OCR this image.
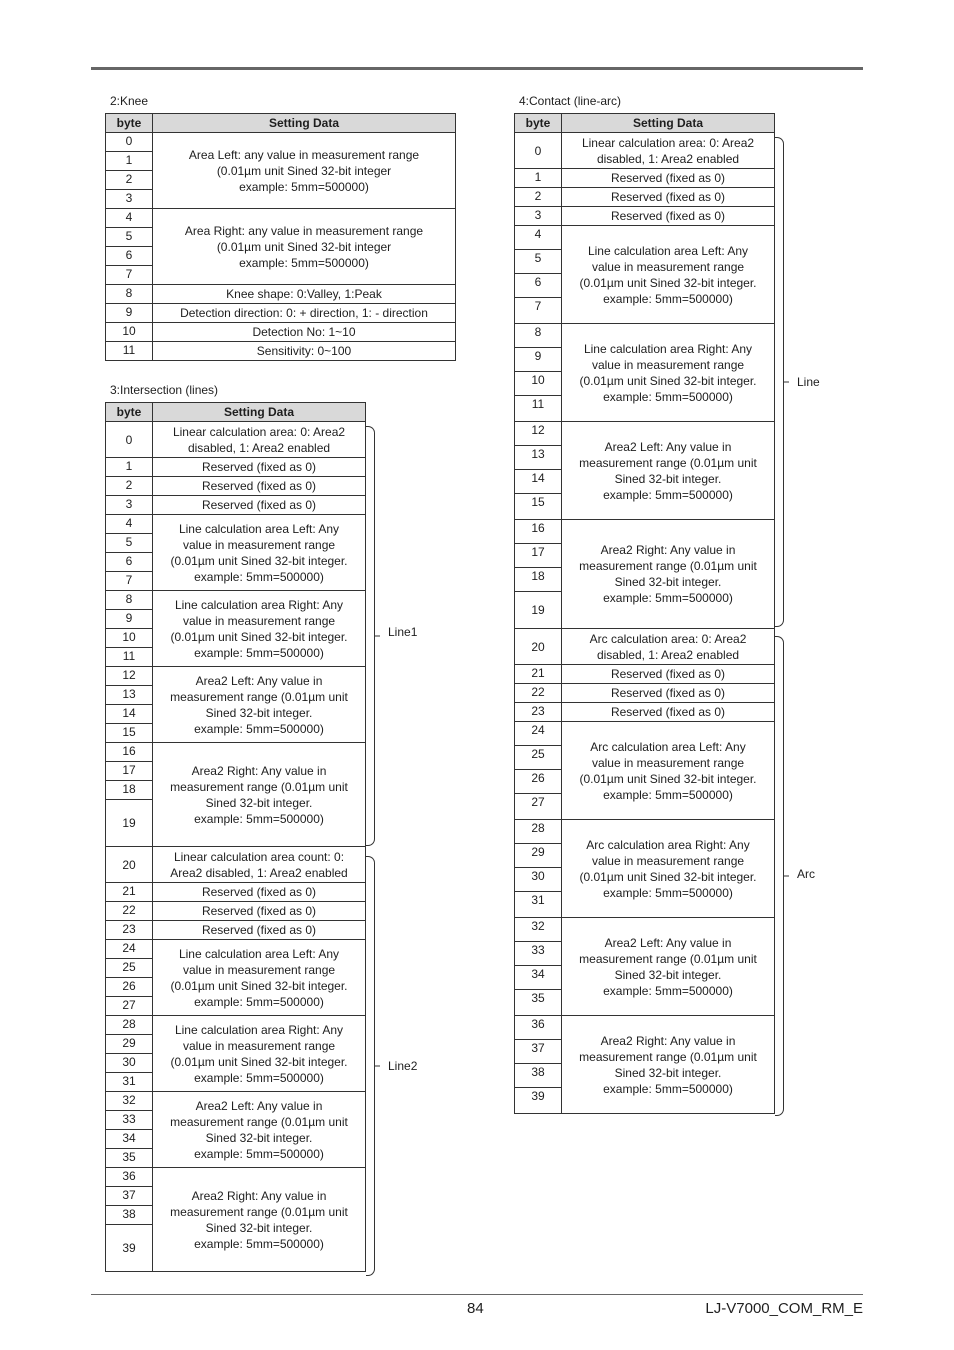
2:Knee
byte	Setting Data
0	Area Left: any value in measurement range
(0.01µm unit Sined 32-bit integer
example: 5mm=500000)

1	
2	
3	
4	Area Right: any value in measurement range
(0.01µm unit Sined 32-bit integer
example: 5mm=500000)

5	
6	
7	
8	Knee shape: 0:Valley, 1:Peak
9	Detection direction: 0: + direction, 1: - direction
10	Detection No: 1~10
11	Sensitivity: 0~100
3:Intersection (lines)
byte	Setting Data
0	Linear calculation area: 0: Area2
disabled, 1: Area2 enabled

1	Reserved (fixed as 0)
2	Reserved (fixed as 0)
3	Reserved (fixed as 0)
4	Line calculation area Left: Any
value in measurement range
(0.01µm unit Sined 32-bit integer.
example: 5mm=500000)

5	
6	
7	
8	Line calculation area Right: Any
value in measurement range
(0.01µm unit Sined 32-bit integer.
example: 5mm=500000)

9	
10	
11	
12	Area2 Left: Any value in
measurement range (0.01µm unit
Sined 32-bit integer.
example: 5mm=500000)

13	
14	
15	
16	Area2 Right: Any value in
measurement range (0.01µm unit
Sined 32-bit integer.
example: 5mm=500000)

17	
18	
19	
20	Linear calculation area count: 0:
Area2 disabled, 1: Area2 enabled

21	Reserved (fixed as 0)
22	Reserved (fixed as 0)
23	Reserved (fixed as 0)
24	Line calculation area Left: Any
value in measurement range
(0.01µm unit Sined 32-bit integer.
example: 5mm=500000)

25	
26	
27	
28	Line calculation area Right: Any
value in measurement range
(0.01µm unit Sined 32-bit integer.
example: 5mm=500000)

29	
30	
31	
32	Area2 Left: Any value in
measurement range (0.01µm unit
Sined 32-bit integer.
example: 5mm=500000)

33	
34	
35	
36	Area2 Right: Any value in
measurement range (0.01µm unit
Sined 32-bit integer.
example: 5mm=500000)

37	
38	
39	
Line1
Line2
4:Contact (line-arc)
byte	Setting Data
0	Linear calculation area: 0: Area2
disabled, 1: Area2 enabled

1	Reserved (fixed as 0)
2	Reserved (fixed as 0)
3	Reserved (fixed as 0)
4	Line calculation area Left: Any
value in measurement range
(0.01µm unit Sined 32-bit integer.
example: 5mm=500000)

5	
6	
7	
8	Line calculation area Right: Any
value in measurement range
(0.01µm unit Sined 32-bit integer.
example: 5mm=500000)

9	
10	
11	
12	Area2 Left: Any value in
measurement range (0.01µm unit
Sined 32-bit integer.
example: 5mm=500000)

13	
14	
15	
16	Area2 Right: Any value in
measurement range (0.01µm unit
Sined 32-bit integer.
example: 5mm=500000)

17	
18	
19	
20	Arc calculation area: 0: Area2
disabled, 1: Area2 enabled

21	Reserved (fixed as 0)
22	Reserved (fixed as 0)
23	Reserved (fixed as 0)
24	Arc calculation area Left: Any
value in measurement range
(0.01µm unit Sined 32-bit integer.
example: 5mm=500000)

25	
26	
27	
28	Arc calculation area Right: Any
value in measurement range
(0.01µm unit Sined 32-bit integer.
example: 5mm=500000)

29	
30	
31	
32	Area2 Left: Any value in
measurement range (0.01µm unit
Sined 32-bit integer.
example: 5mm=500000)

33	
34	
35	
36	Area2 Right: Any value in
measurement range (0.01µm unit
Sined 32-bit integer.
example: 5mm=500000)

37	
38	
39	
Line
Arc
84	LJ-V7000_COM_RM_E
